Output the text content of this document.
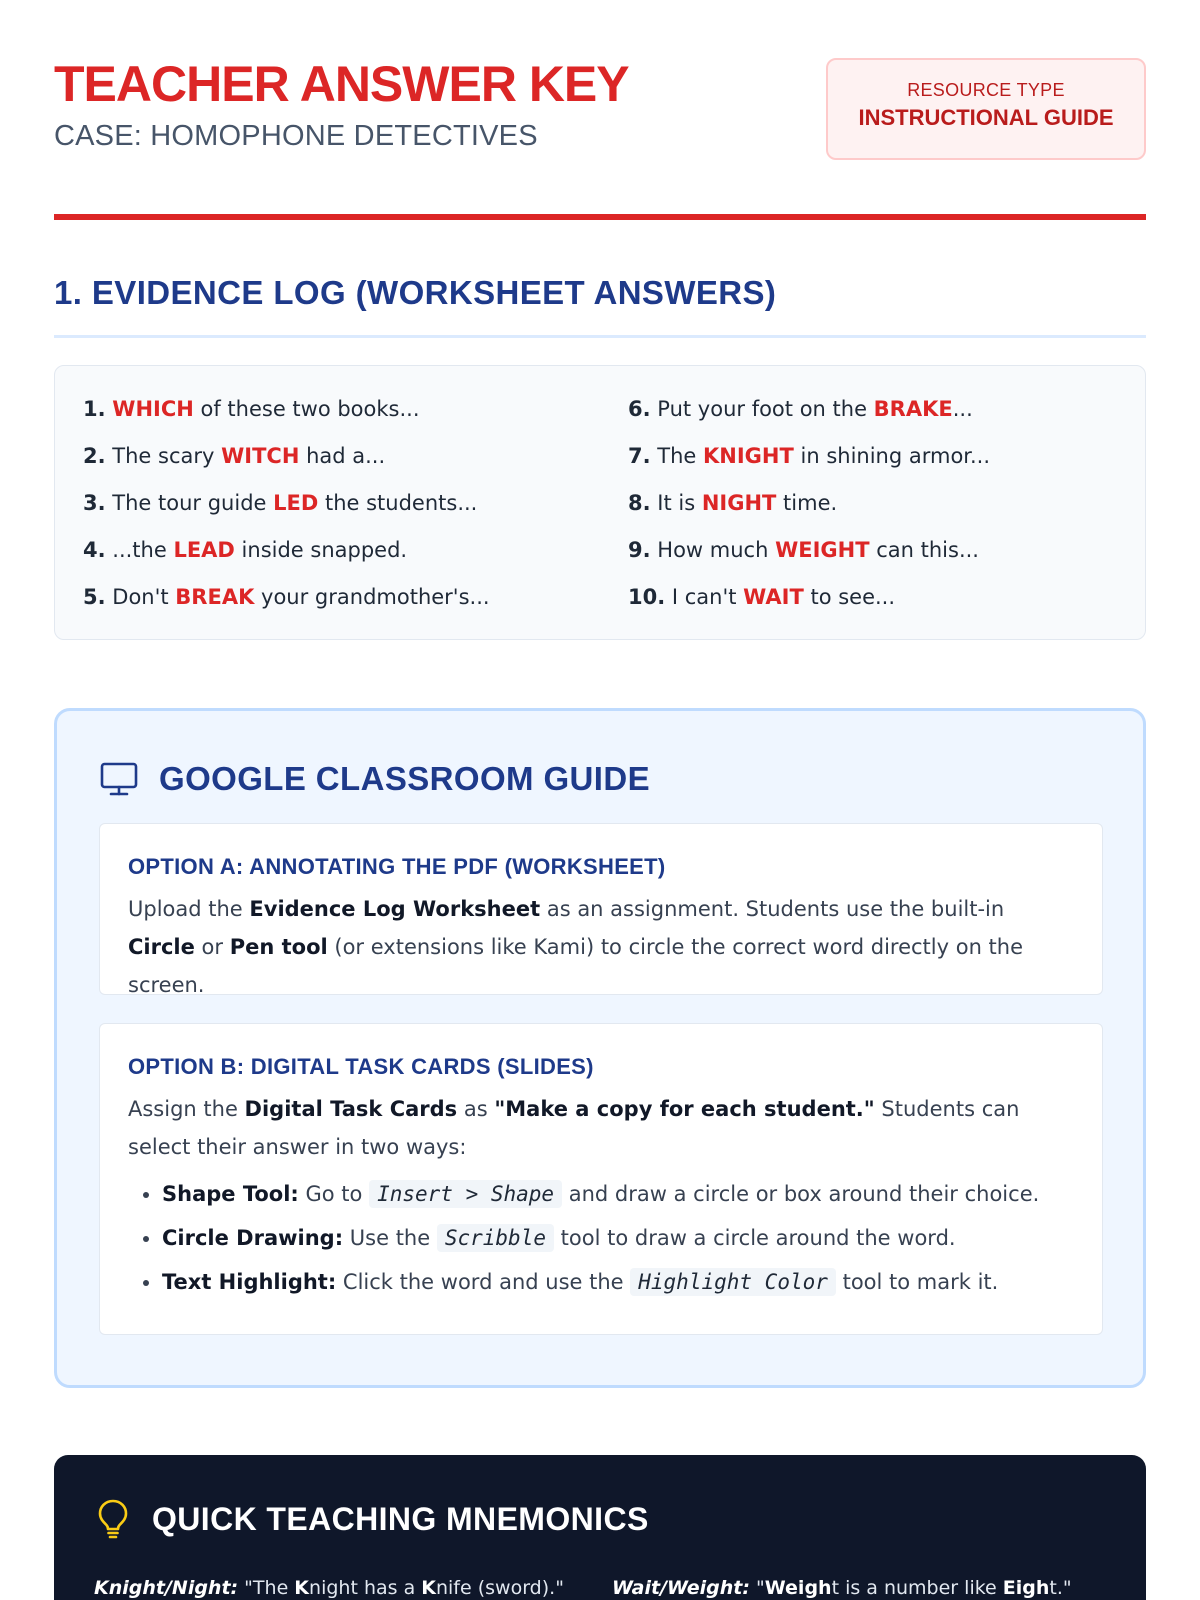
TEACHER ANSWER KEY
CASE: HOMOPHONE DETECTIVES
RESOURCE TYPE
INSTRUCTIONAL GUIDE
1. EVIDENCE LOG (WORKSHEET ANSWERS)
1. WHICH of these two books...
2. The scary WITCH had a...
3. The tour guide LED the students...
4. ...the LEAD inside snapped.
5. Don't BREAK your grandmother's...
6. Put your foot on the BRAKE...
7. The KNIGHT in shining armor...
8. It is NIGHT time.
9. How much WEIGHT can this...
10. I can't WAIT to see...
GOOGLE CLASSROOM GUIDE
OPTION A: ANNOTATING THE PDF (WORKSHEET)

Upload the Evidence Log Worksheet as an assignment. Students use the built-in Circle or Pen tool (or extensions like Kami) to circle the correct word directly on the screen.

OPTION B: DIGITAL TASK CARDS (SLIDES)

Assign the Digital Task Cards as "Make a copy for each student." Students can select their answer in two ways:

• Shape Tool: Go to Insert > Shape and draw a circle or box around their choice.
• Circle Drawing: Use the Scribble tool to draw a circle around the word.
• Text Highlight: Click the word and use the Highlight Color tool to mark it.
QUICK TEACHING MNEMONICS
Knight/Night: "The Knight has a Knife (sword)."	Wait/Weight: "Weight is a number like Eight."
